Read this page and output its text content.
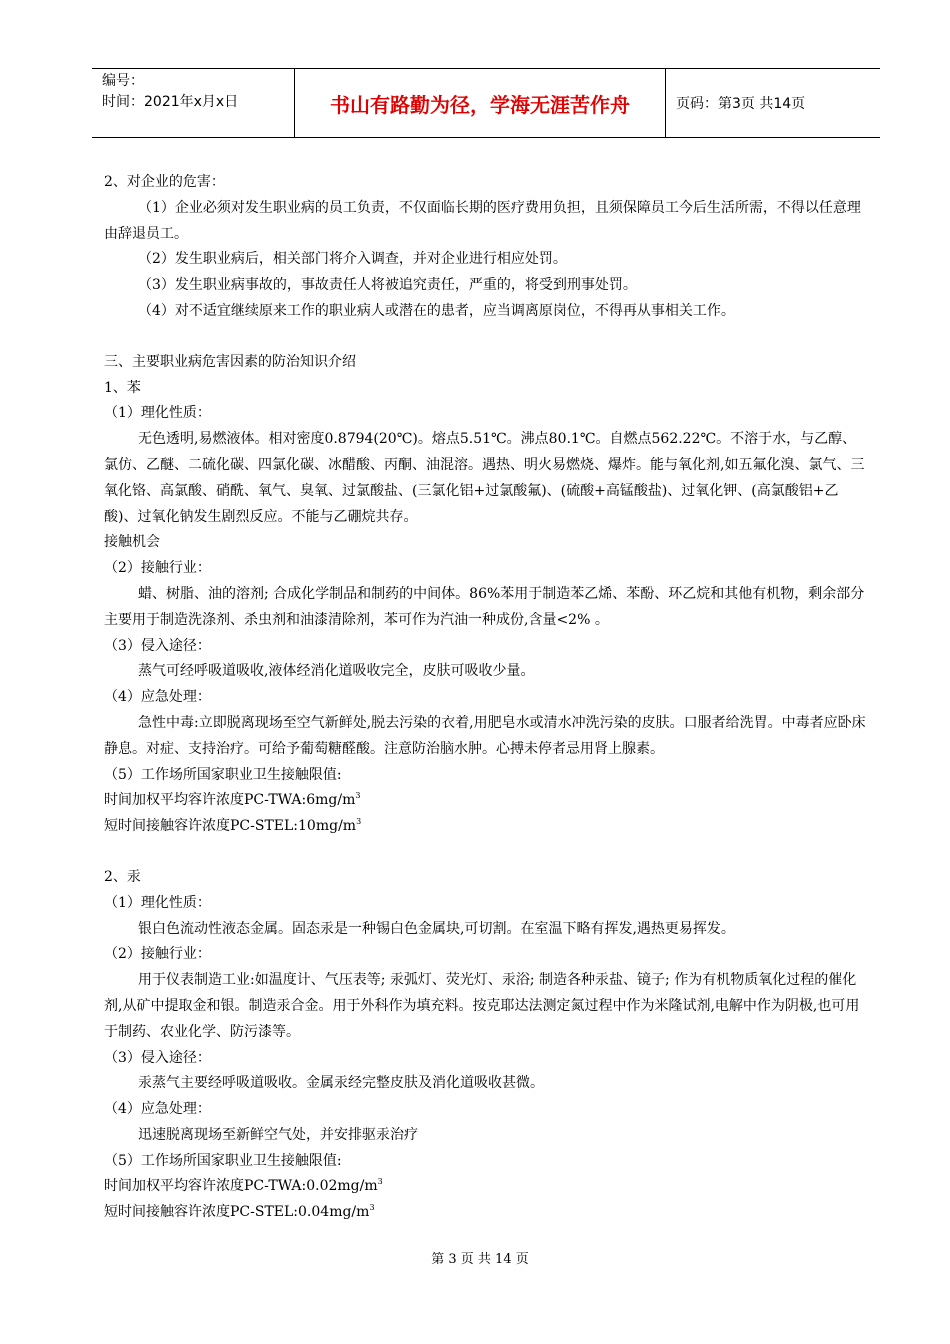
编号：
时间：2021年x月x日	书山有路勤为径，学海无涯苦作舟	页码：第3页 共14页

2、对企业的危害：

（1）企业必须对发生职业病的员工负责，不仅面临长期的医疗费用负担，且须保障员工今后生活所需，不得以任意理由辞退员工。

（2）发生职业病后，相关部门将介入调查，并对企业进行相应处罚。

（3）发生职业病事故的，事故责任人将被追究责任，严重的，将受到刑事处罚。

（4）对不适宜继续原来工作的职业病人或潜在的患者，应当调离原岗位，不得再从事相关工作。

三、主要职业病危害因素的防治知识介绍

1、苯

（1）理化性质：

无色透明,易燃液体。相对密度0.8794(20℃)。熔点5.51℃。沸点80.1℃。自燃点562.22℃。不溶于水，与乙醇、氯仿、乙醚、二硫化碳、四氯化碳、冰醋酸、丙酮、油混溶。遇热、明火易燃烧、爆炸。能与氧化剂,如五氟化溴、氯气、三氧化铬、高氯酸、硝酰、氧气、臭氧、过氯酸盐、(三氯化铝+过氯酸氟)、(硫酸+高锰酸盐)、过氧化钾、(高氯酸铝+乙酸)、过氧化钠发生剧烈反应。不能与乙硼烷共存。

接触机会

（2）接触行业：

蜡、树脂、油的溶剂; 合成化学制品和制药的中间体。86%苯用于制造苯乙烯、苯酚、环乙烷和其他有机物，剩余部分主要用于制造洗涤剂、杀虫剂和油漆清除剂，苯可作为汽油一种成份,含量<2% 。

（3）侵入途径：

蒸气可经呼吸道吸收,液体经消化道吸收完全，皮肤可吸收少量。

（4）应急处理：

急性中毒:立即脱离现场至空气新鲜处,脱去污染的衣着,用肥皂水或清水冲洗污染的皮肤。口服者给洗胃。中毒者应卧床静息。对症、支持治疗。可给予葡萄糖醛酸。注意防治脑水肿。心搏未停者忌用肾上腺素。

（5）工作场所国家职业卫生接触限值:

时间加权平均容许浓度$PC-TWA:6mg/m^3$

短时间接触容许浓度$PC-STEL:10mg/m^3$

2、汞

（1）理化性质：

银白色流动性液态金属。固态汞是一种锡白色金属块,可切割。在室温下略有挥发,遇热更易挥发。

（2）接触行业：

用于仪表制造工业:如温度计、气压表等; 汞弧灯、荧光灯、汞浴; 制造各种汞盐、镜子; 作为有机物质氧化过程的催化剂,从矿中提取金和银。制造汞合金。用于外科作为填充料。按克耶达法测定氮过程中作为米隆试剂,电解中作为阴极,也可用于制药、农业化学、防污漆等。

（3）侵入途径：

汞蒸气主要经呼吸道吸收。金属汞经完整皮肤及消化道吸收甚微。

（4）应急处理：

迅速脱离现场至新鲜空气处，并安排驱汞治疗

（5）工作场所国家职业卫生接触限值:

时间加权平均容许浓度$PC-TWA:0.02mg/m^3$

短时间接触容许浓度$PC-STEL:0.04mg/m^3$

第 3 页 共 14 页
